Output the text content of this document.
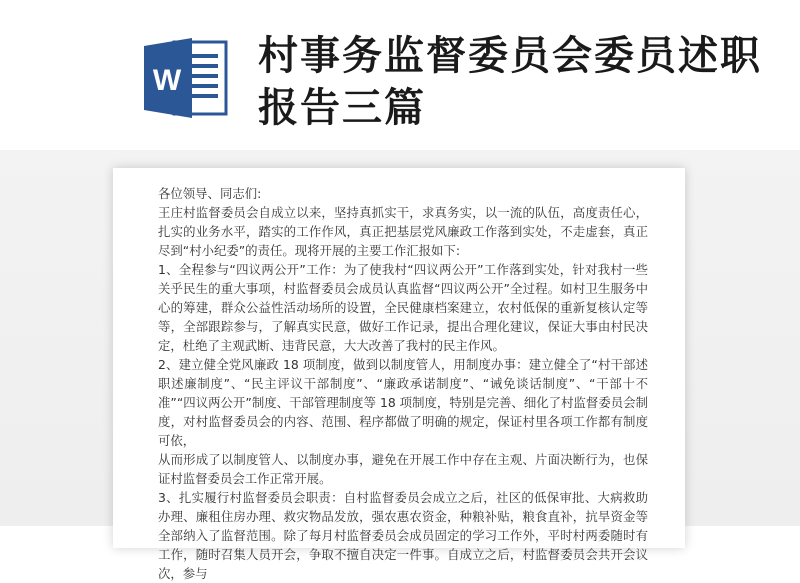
W
村事务监督委员会委员述职报告三篇

各位领导、同志们:

王庄村监督委员会自成立以来，坚持真抓实干，求真务实，以一流的队伍，高度责任心，扎实的业务水平，踏实的工作作风，真正把基层党风廉政工作落到实处，不走虚套，真正尽到“村小纪委”的责任。现将开展的主要工作汇报如下:

1、全程参与“四议两公开”工作：为了使我村“四议两公开”工作落到实处，针对我村一些关乎民生的重大事项，村监督委员会成员认真监督“四议两公开”全过程。如村卫生服务中心的筹建，群众公益性活动场所的设置，全民健康档案建立，农村低保的重新复核认定等等，全部跟踪参与，了解真实民意，做好工作记录，提出合理化建议，保证大事由村民决定，杜绝了主观武断、违背民意，大大改善了我村的民主作风。

2、建立健全党风廉政 18 项制度，做到以制度管人，用制度办事：建立健全了“村干部述职述廉制度”、“民主评议干部制度”、“廉政承诺制度”、“诫免谈话制度”、“干部十不准”“四议两公开”制度、干部管理制度等 18 项制度，特别是完善、细化了村监督委员会制度，对村监督委员会的内容、范围、程序都做了明确的规定，保证村里各项工作都有制度可依，

从而形成了以制度管人、以制度办事，避免在开展工作中存在主观、片面决断行为，也保证村监督委员会工作正常开展。

3、扎实履行村监督委员会职责：自村监督委员会成立之后，社区的低保审批、大病救助办理、廉租住房办理、救灾物品发放，强农惠农资金，种粮补贴，粮食直补，抗旱资金等全部纳入了监督范围。除了每月村监督委员会成员固定的学习工作外，平时村两委随时有工作，随时召集人员开会，争取不擅自决定一件事。自成立之后，村监督委员会共开会议次，参与
